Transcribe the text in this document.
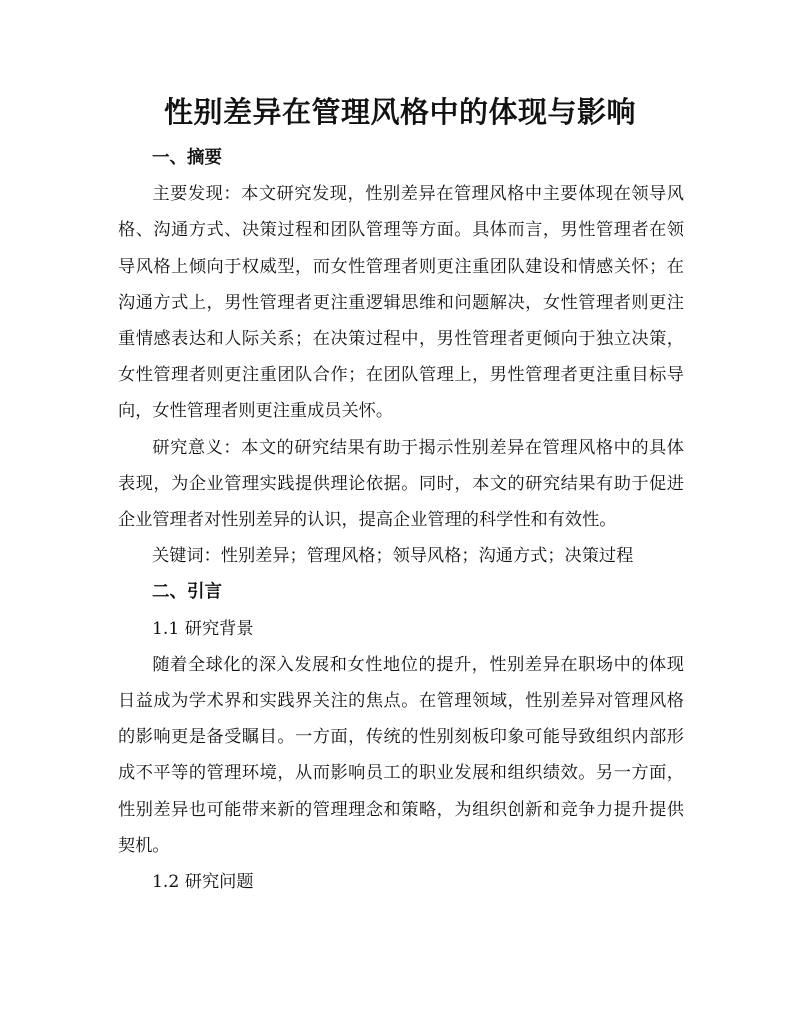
性别差异在管理风格中的体现与影响

一、摘要

主要发现：本文研究发现，性别差异在管理风格中主要体现在领导风格、沟通方式、决策过程和团队管理等方面。具体而言，男性管理者在领导风格上倾向于权威型，而女性管理者则更注重团队建设和情感关怀；在沟通方式上，男性管理者更注重逻辑思维和问题解决，女性管理者则更注重情感表达和人际关系；在决策过程中，男性管理者更倾向于独立决策，女性管理者则更注重团队合作；在团队管理上，男性管理者更注重目标导向，女性管理者则更注重成员关怀。

研究意义：本文的研究结果有助于揭示性别差异在管理风格中的具体表现，为企业管理实践提供理论依据。同时，本文的研究结果有助于促进企业管理者对性别差异的认识，提高企业管理的科学性和有效性。

关键词：性别差异；管理风格；领导风格；沟通方式；决策过程

二、引言

1.1 研究背景

随着全球化的深入发展和女性地位的提升，性别差异在职场中的体现日益成为学术界和实践界关注的焦点。在管理领域，性别差异对管理风格的影响更是备受瞩目。一方面，传统的性别刻板印象可能导致组织内部形成不平等的管理环境，从而影响员工的职业发展和组织绩效。另一方面，性别差异也可能带来新的管理理念和策略，为组织创新和竞争力提升提供契机。

1.2 研究问题
